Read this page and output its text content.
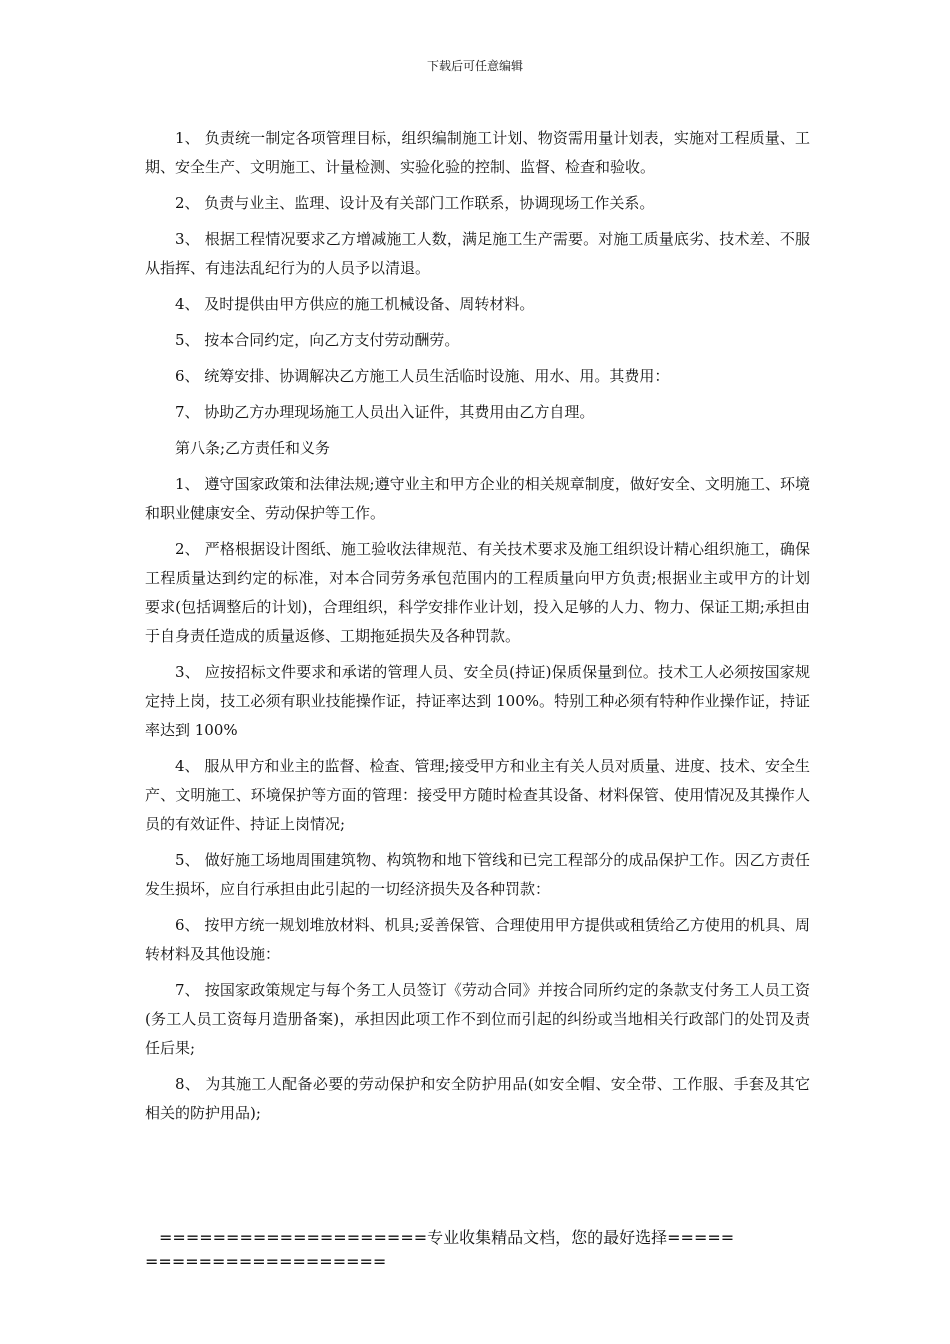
下载后可任意编辑

1、 负责统一制定各项管理目标，组织编制施工计划、物资需用量计划表，实施对工程质量、工期、安全生产、文明施工、计量检测、实验化验的控制、监督、检查和验收。

2、 负责与业主、监理、设计及有关部门工作联系，协调现场工作关系。

3、 根据工程情况要求乙方增减施工人数，满足施工生产需要。对施工质量底劣、技术差、不服从指挥、有违法乱纪行为的人员予以清退。

4、 及时提供由甲方供应的施工机械设备、周转材料。

5、 按本合同约定，向乙方支付劳动酬劳。

6、 统筹安排、协调解决乙方施工人员生活临时设施、用水、用。其费用：

7、 协助乙方办理现场施工人员出入证件，其费用由乙方自理。

第八条;乙方责任和义务

1、 遵守国家政策和法律法规;遵守业主和甲方企业的相关规章制度，做好安全、文明施工、环境和职业健康安全、劳动保护等工作。

2、 严格根据设计图纸、施工验收法律规范、有关技术要求及施工组织设计精心组织施工，确保工程质量达到约定的标准，对本合同劳务承包范围内的工程质量向甲方负责;根据业主或甲方的计划要求(包括调整后的计划)，合理组织，科学安排作业计划，投入足够的人力、物力、保证工期;承担由于自身责任造成的质量返修、工期拖延损失及各种罚款。

3、 应按招标文件要求和承诺的管理人员、安全员(持证)保质保量到位。技术工人必须按国家规定持上岗，技工必须有职业技能操作证，持证率达到 100%。特别工种必须有特种作业操作证，持证率达到 100%

4、 服从甲方和业主的监督、检查、管理;接受甲方和业主有关人员对质量、进度、技术、安全生产、文明施工、环境保护等方面的管理：接受甲方随时检查其设备、材料保管、使用情况及其操作人员的有效证件、持证上岗情况;

5、 做好施工场地周围建筑物、构筑物和地下管线和已完工程部分的成品保护工作。因乙方责任发生损坏，应自行承担由此引起的一切经济损失及各种罚款：

6、 按甲方统一规划堆放材料、机具;妥善保管、合理使用甲方提供或租赁给乙方使用的机具、周转材料及其他设施：

7、 按国家政策规定与每个务工人员签订《劳动合同》并按合同所约定的条款支付务工人员工资(务工人员工资每月造册备案)，承担因此项工作不到位而引起的纠纷或当地相关行政部门的处罚及责任后果;

8、 为其施工人配备必要的劳动保护和安全防护用品(如安全帽、安全带、工作服、手套及其它相关的防护用品);

====================专业收集精品文档，您的最好选择=====
==================
